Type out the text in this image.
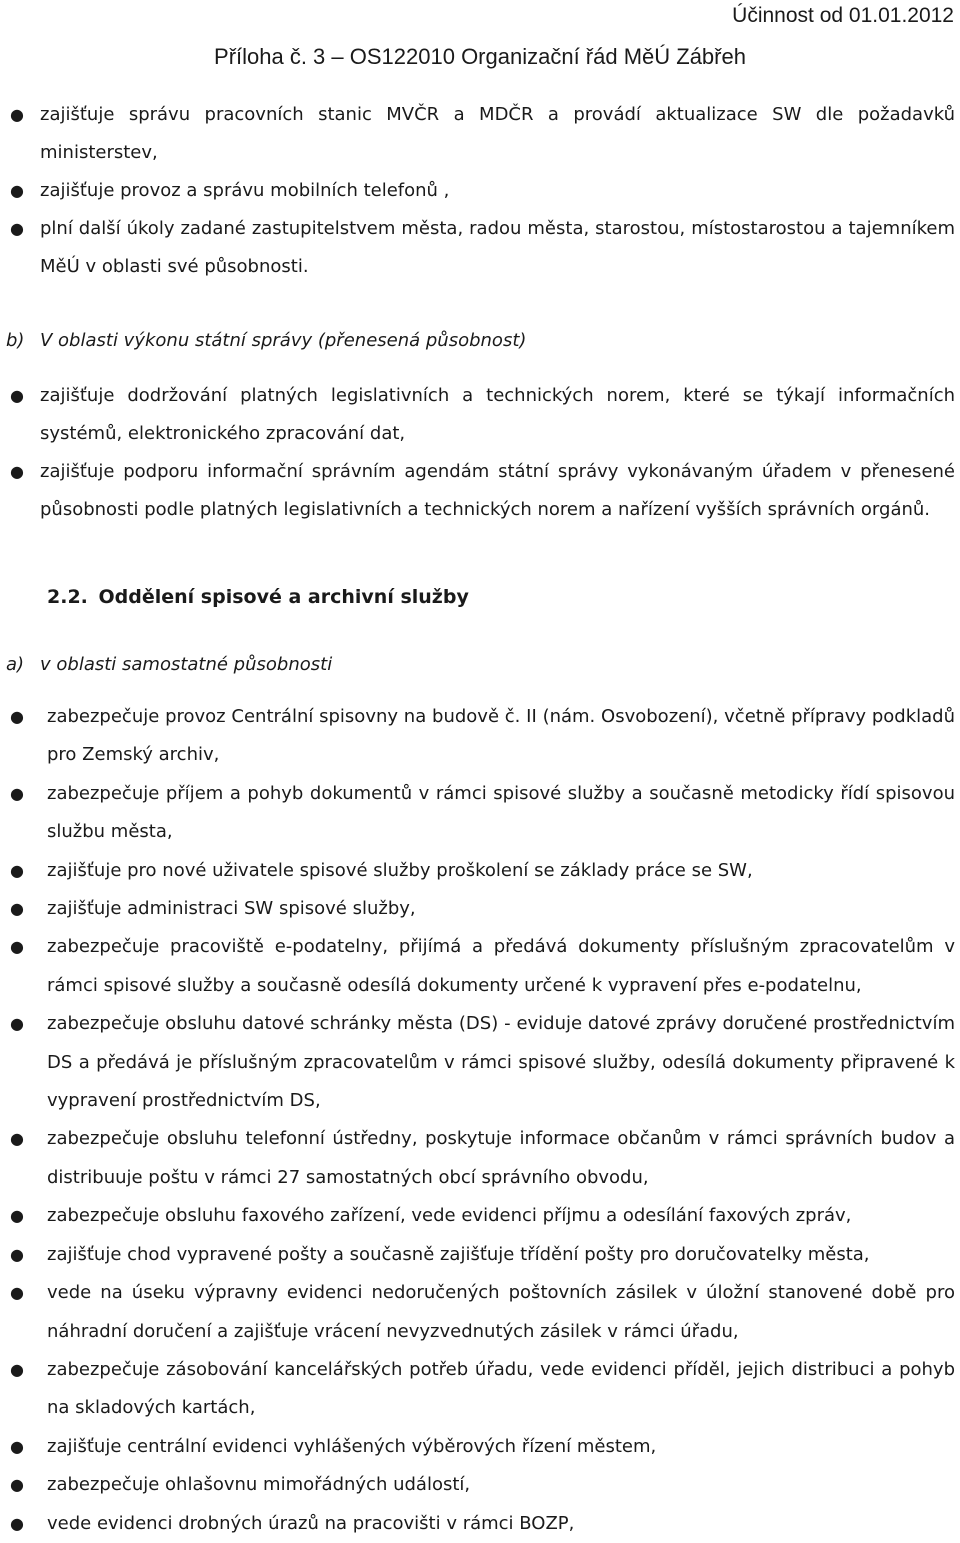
Účinnost od 01.01.2012
Příloha č. 3 – OS122010 Organizační řád MěÚ Zábřeh
● zajišťuje správu pracovních stanic MVČR a MDČR a provádí aktualizace SW dle požadavků ministerstev,
● zajišťuje provoz a správu mobilních telefonů ,
● plní další úkoly zadané zastupitelstvem města, radou města, starostou, místostarostou a tajemníkem MěÚ v oblasti své působnosti.
b) V oblasti výkonu státní správy (přenesená působnost)
● zajišťuje dodržování platných legislativních a technických norem, které se týkají informačních systémů, elektronického zpracování dat,
● zajišťuje podporu informační správním agendám státní správy vykonávaným úřadem v přenesené působnosti podle platných legislativních a technických norem a nařízení vyšších správních orgánů.
2.2. Oddělení spisové a archivní služby
a) v oblasti samostatné působnosti
● zabezpečuje provoz Centrální spisovny na budově č. II (nám. Osvobození), včetně přípravy podkladů pro Zemský archiv,
● zabezpečuje příjem a pohyb dokumentů v rámci spisové služby a současně metodicky řídí spisovou službu města,
● zajišťuje pro nové uživatele spisové služby proškolení se základy práce se SW,
● zajišťuje administraci SW spisové služby,
● zabezpečuje pracoviště e-podatelny, přijímá a předává dokumenty příslušným zpracovatelům v rámci spisové služby a současně odesílá dokumenty určené k vypravení přes e-podatelnu,
● zabezpečuje obsluhu datové schránky města (DS) - eviduje datové zprávy doručené prostřednictvím DS a předává je příslušným zpracovatelům v rámci spisové služby, odesílá dokumenty připravené k vypravení prostřednictvím DS,
● zabezpečuje obsluhu telefonní ústředny, poskytuje informace občanům v rámci správních budov a distribuuje poštu v rámci 27 samostatných obcí správního obvodu,
● zabezpečuje obsluhu faxového zařízení, vede evidenci příjmu a odesílání faxových zpráv,
● zajišťuje chod vypravené pošty a současně zajišťuje třídění pošty pro doručovatelky města,
● vede na úseku výpravny evidenci nedoručených poštovních zásilek v úložní stanovené době pro náhradní doručení a zajišťuje vrácení nevyzvednutých zásilek v rámci úřadu,
● zabezpečuje zásobování kancelářských potřeb úřadu, vede evidenci příděl, jejich distribuci a pohyb na skladových kartách,
● zajišťuje centrální evidenci vyhlášených výběrových řízení městem,
● zabezpečuje ohlašovnu mimořádných událostí,
● vede evidenci drobných úrazů na pracovišti v rámci BOZP,
